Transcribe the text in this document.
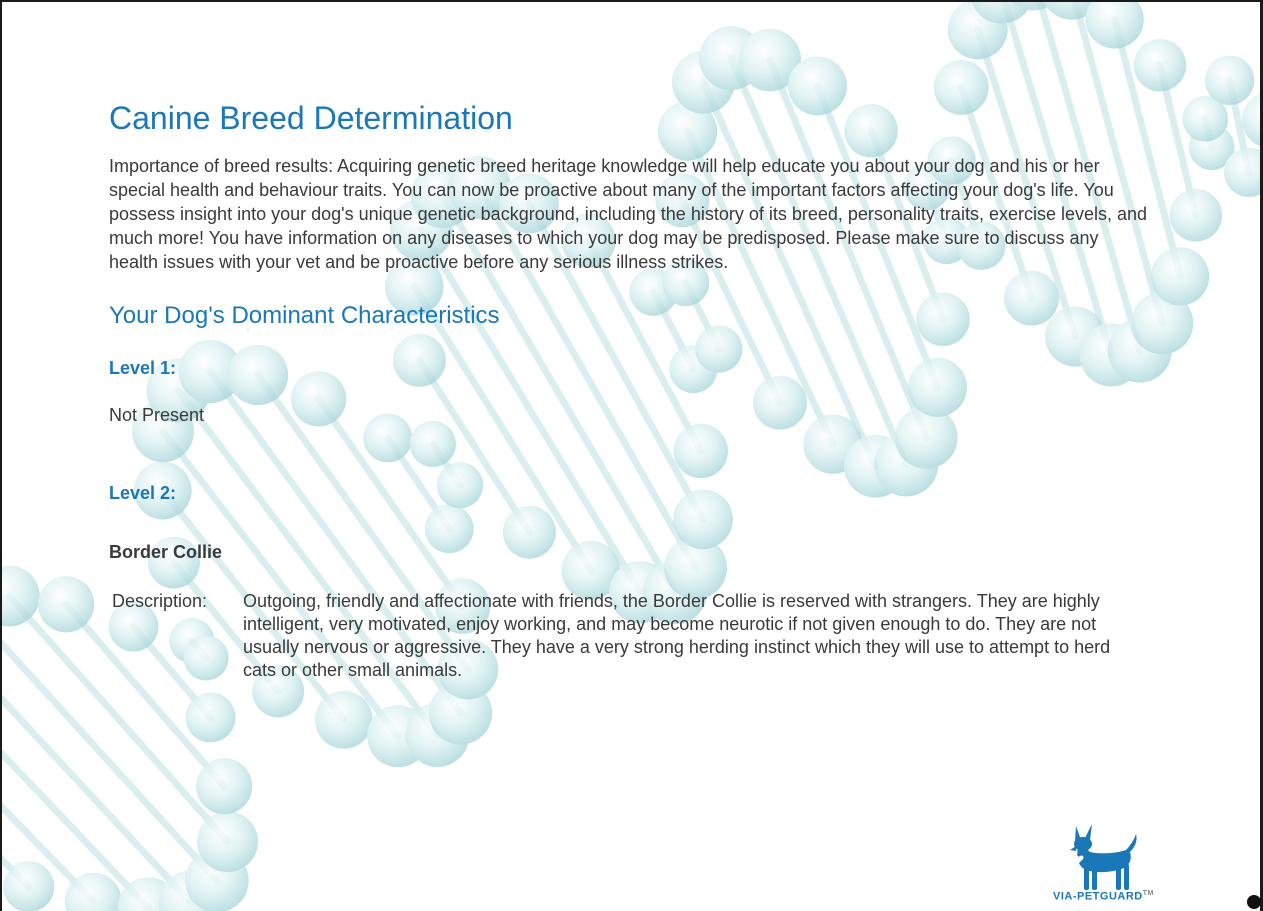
Canine Breed Determination

Importance of breed results: Acquiring genetic breed heritage knowledge will help educate you about your dog and his or her special health and behaviour traits. You can now be proactive about many of the important factors affecting your dog's life. You possess insight into your dog's unique genetic background, including the history of its breed, personality traits, exercise levels, and much more! You have information on any diseases to which your dog may be predisposed. Please make sure to discuss any health issues with your vet and be proactive before any serious illness strikes.

Your Dog's Dominant Characteristics
Level 1:
Not Present
Level 2:
Border Collie
Description:	Outgoing, friendly and affectionate with friends, the Border Collie is reserved with strangers. They are highly intelligent, very motivated, enjoy working, and may become neurotic if not given enough to do. They are not usually nervous or aggressive. They have a very strong herding instinct which they will use to attempt to herd cats or other small animals.
VIA-PETGUARD™
